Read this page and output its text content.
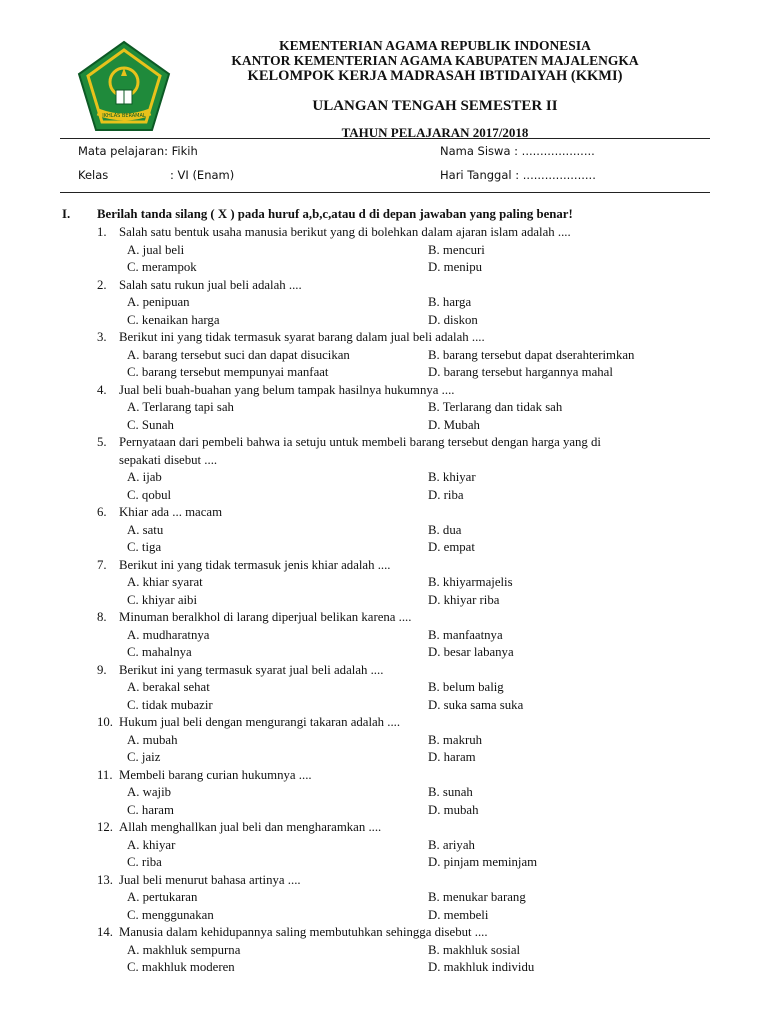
IKHLAS BERAMAL
KEMENTERIAN AGAMA REPUBLIK INDONESIA
KANTOR KEMENTERIAN AGAMA KABUPATEN MAJALENGKA
KELOMPOK KERJA MADRASAH IBTIDAIYAH (KKMI)
ULANGAN TENGAH SEMESTER II
TAHUN PELAJARAN 2017/2018
Mata pelajaran: Fikih
Kelas	: VI (Enam)
Nama Siswa : ....................
Hari Tanggal : ....................
I. Berilah tanda silang ( X ) pada huruf a,b,c,atau d di depan jawaban yang paling benar!
1. Salah satu bentuk usaha manusia berikut yang di bolehkan dalam ajaran islam adalah ....
A. jual beli	B. mencuri
C. merampok	D. menipu
2. Salah satu rukun jual beli adalah ....
A. penipuan	B. harga
C. kenaikan harga	D. diskon
3. Berikut ini yang tidak termasuk syarat barang dalam jual beli adalah ....
A. barang tersebut suci dan dapat disucikan	B. barang tersebut dapat dserahterimkan
C. barang tersebut mempunyai manfaat	D. barang tersebut hargannya mahal
4. Jual beli buah-buahan yang belum tampak hasilnya hukumnya ....
A. Terlarang tapi sah	B. Terlarang dan tidak sah
C. Sunah	D. Mubah
5. Pernyataan dari pembeli bahwa ia setuju untuk membeli barang tersebut dengan harga yang di
sepakati disebut ....
A. ijab	B. khiyar
C. qobul	D. riba
6. Khiar ada ... macam
A. satu	B. dua
C. tiga	D. empat
7. Berikut ini yang tidak termasuk jenis khiar adalah ....
A. khiar syarat	B. khiyarmajelis
C. khiyar aibi	D. khiyar riba
8. Minuman beralkhol di larang diperjual belikan karena ....
A. mudharatnya	B. manfaatnya
C. mahalnya	D. besar labanya
9. Berikut ini yang termasuk syarat jual beli adalah ....
A. berakal sehat	B. belum balig
C. tidak mubazir	D. suka sama suka
10. Hukum jual beli dengan mengurangi takaran adalah ....
A. mubah	B. makruh
C. jaiz	D. haram
11. Membeli barang curian hukumnya ....
A. wajib	B. sunah
C. haram	D. mubah
12. Allah menghallkan jual beli dan mengharamkan ....
A. khiyar	B. ariyah
C. riba	D. pinjam meminjam
13. Jual beli menurut bahasa artinya ....
A. pertukaran	B. menukar barang
C. menggunakan	D. membeli
14. Manusia dalam kehidupannya saling membutuhkan sehingga disebut ....
A. makhluk sempurna	B. makhluk sosial
C. makhluk moderen	D. makhluk individu
